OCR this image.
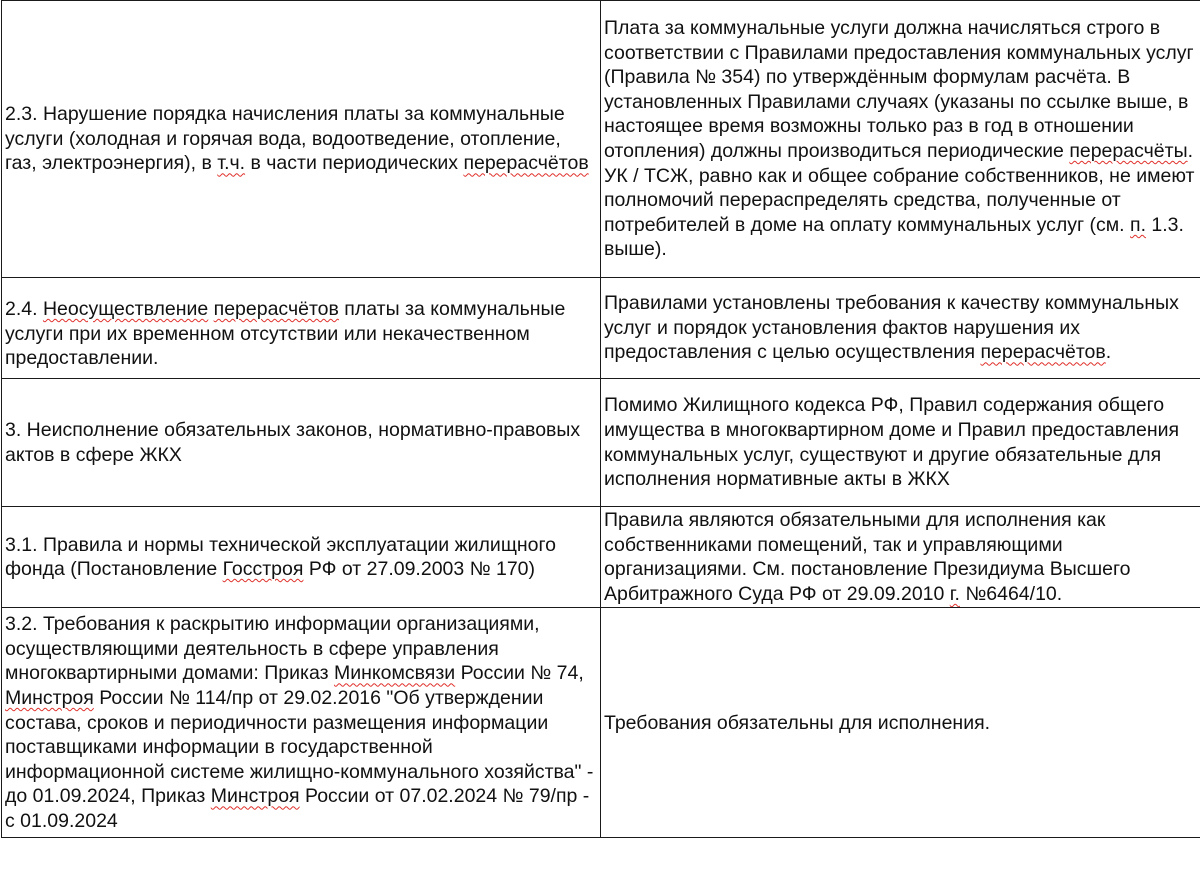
2.3. Нарушение порядка начисления платы за коммунальные услуги (холодная и горячая вода, водоотведение, отопление, газ, электроэнергия), в т.ч. в части периодических перерасчётов	Плата за коммунальные услуги должна начисляться строго в соответствии с Правилами предоставления коммунальных услуг (Правила № 354) по утверждённым формулам расчёта. В установленных Правилами случаях (указаны по ссылке выше, в настоящее время возможны только раз в год в отношении отопления) должны производиться периодические перерасчёты. УК / ТСЖ, равно как и общее собрание собственников, не имеют полномочий перераспределять средства, полученные от потребителей в доме на оплату коммунальных услуг (см. п. 1.3. выше).
2.4. Неосуществление перерасчётов платы за коммунальные услуги при их временном отсутствии или некачественном предоставлении.	Правилами установлены требования к качеству коммунальных услуг и порядок установления фактов нарушения их предоставления с целью осуществления перерасчётов.
3. Неисполнение обязательных законов, нормативно-правовых актов в сфере ЖКХ	Помимо Жилищного кодекса РФ, Правил содержания общего имущества в многоквартирном доме и Правил предоставления коммунальных услуг, существуют и другие обязательные для исполнения нормативные акты в ЖКХ
3.1. Правила и нормы технической эксплуатации жилищного фонда (Постановление Госстроя РФ от 27.09.2003 № 170)	Правила являются обязательными для исполнения как собственниками помещений, так и управляющими организациями. См. постановление Президиума Высшего Арбитражного Суда РФ от 29.09.2010 г. №6464/10.
3.2. Требования к раскрытию информации организациями, осуществляющими деятельность в сфере управления многоквартирными домами: Приказ Минкомсвязи России № 74, Минстроя России № 114/пр от 29.02.2016 "Об утверждении состава, сроков и периодичности размещения информации поставщиками информации в государственной информационной системе жилищно-коммунального хозяйства" - до 01.09.2024, Приказ Минстроя России от 07.02.2024 № 79/пр - с 01.09.2024	Требования обязательны для исполнения.
